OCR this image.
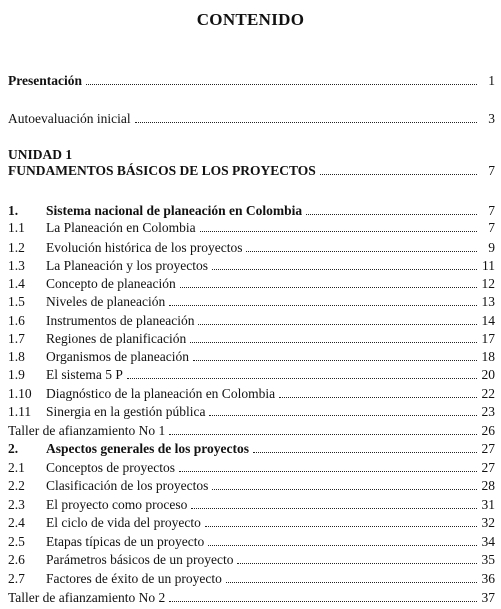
CONTENIDO
UNIDAD 1
Presentación	1
Autoevaluación inicial	3
FUNDAMENTOS BÁSICOS DE LOS PROYECTOS	7
1.	Sistema nacional de planeación en Colombia	7
1.1	La Planeación en Colombia	7
1.2	Evolución histórica de los proyectos	9
1.3	La Planeación y los proyectos	11
1.4	Concepto de planeación	12
1.5	Niveles de planeación	13
1.6	Instrumentos de planeación	14
1.7	Regiones de planificación	17
1.8	Organismos de planeación	18
1.9	El sistema 5 P	20
1.10	Diagnóstico de la planeación en Colombia	22
1.11	Sinergia en la gestión pública	23
Taller de afianzamiento No 1	26
2.	Aspectos generales de los proyectos	27
2.1	Conceptos de proyectos	27
2.2	Clasificación de los proyectos	28
2.3	El proyecto como proceso	31
2.4	El ciclo de vida del proyecto	32
2.5	Etapas típicas de un proyecto	34
2.6	Parámetros básicos de un proyecto	35
2.7	Factores de éxito de un proyecto	36
Taller de afianzamiento No 2	37
